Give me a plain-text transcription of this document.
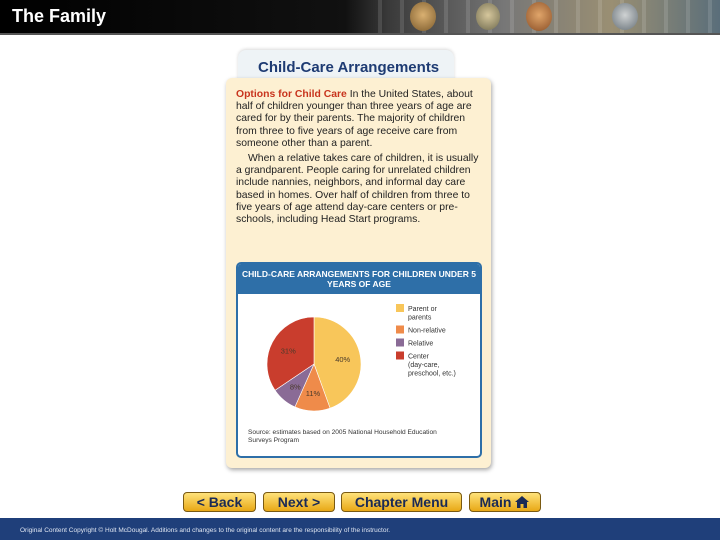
The Family
Child-Care Arrangements

Options for Child Care In the United States, about half of children younger than three years of age are cared for by their parents. The majority of children from three to five years of age receive care from someone other than a parent.

When a relative takes care of children, it is usually a grandparent. People caring for unrelated children include nannies, neighbors, and informal day care based in homes. Over half of children from three to five years of age attend day-care centers or pre-schools, including Head Start programs.

CHILD-CARE ARRANGEMENTS FOR CHILDREN UNDER 5 YEARS OF AGE
40%
11%
8%
31%
Parent or parents
Non-relative
Relative
Center (day-care, preschool, etc.)
Source: estimates based on 2005 National Household Education Surveys Program
< Back	Next > Chapter Menu Main
Original Content Copyright © Holt McDougal. Additions and changes to the original content are the responsibility of the instructor.
